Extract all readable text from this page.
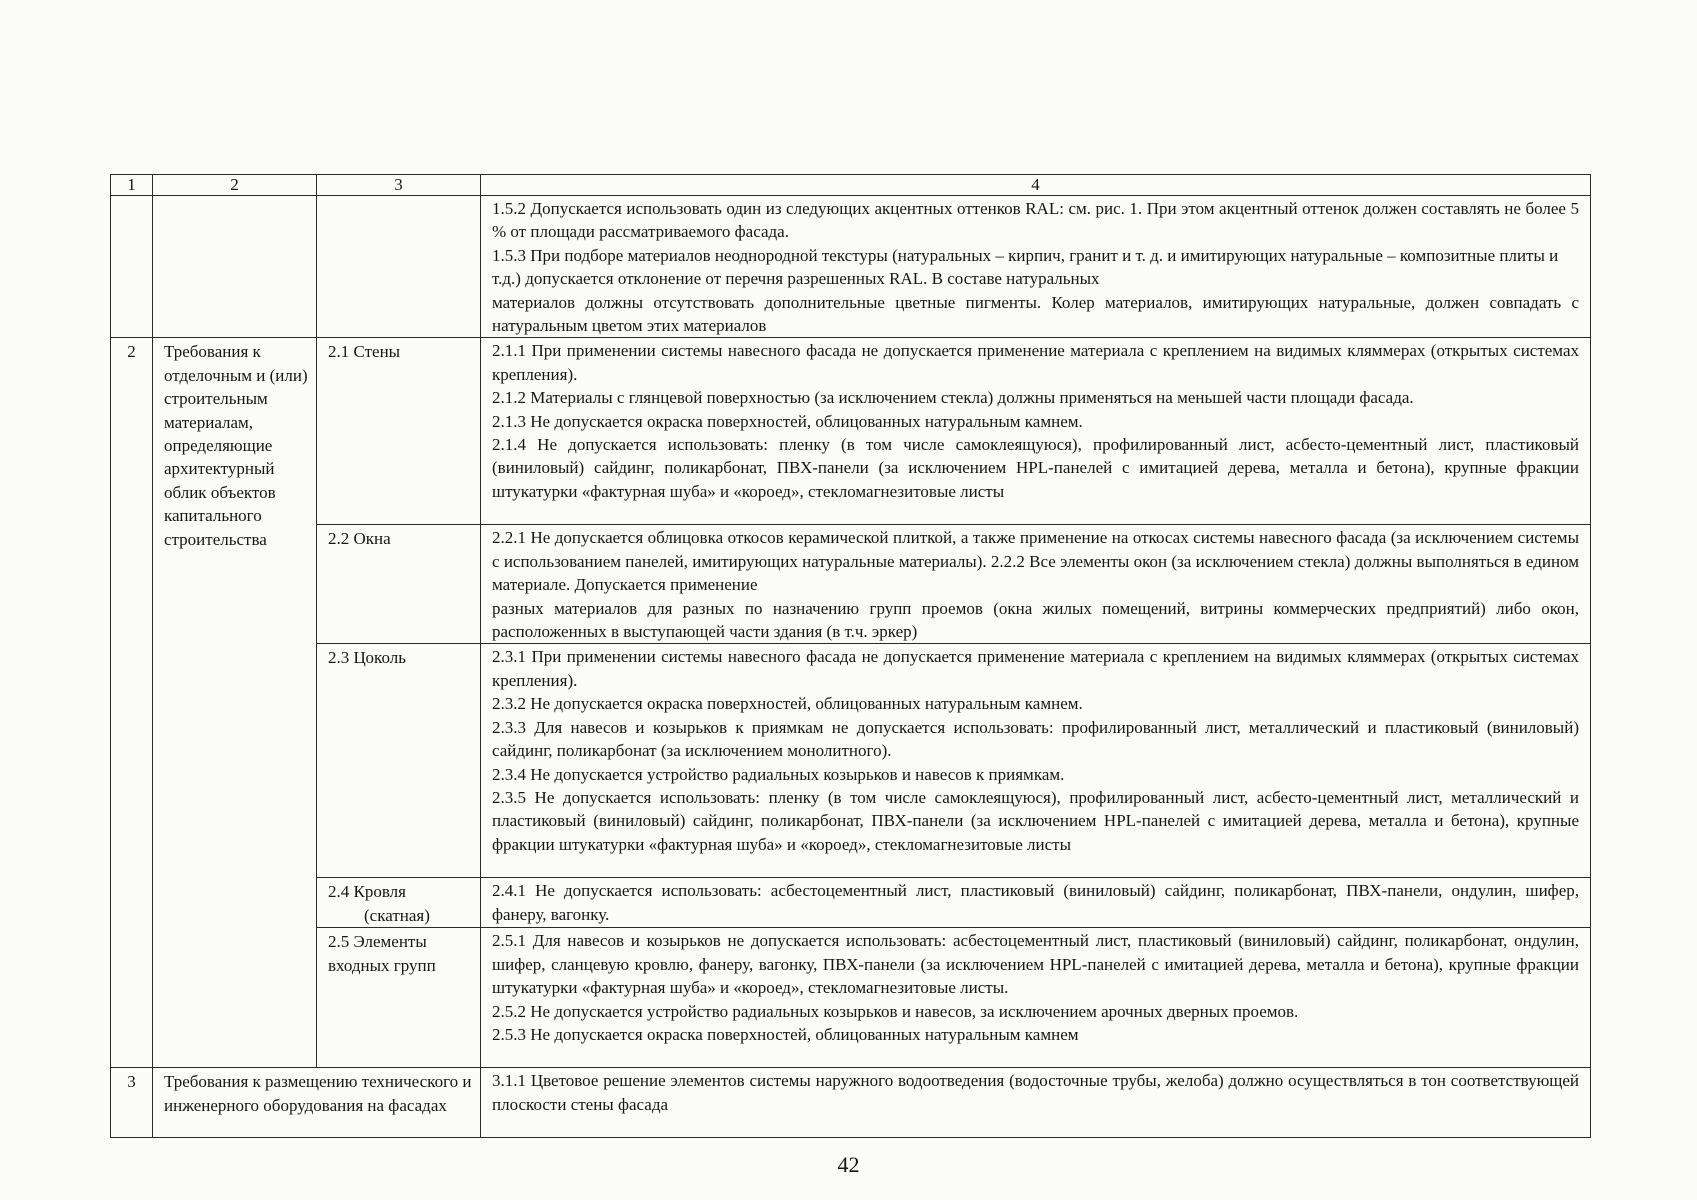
1	2	3	4

			1.5.2 Допускается использовать один из следующих акцентных оттенков RAL: см. рис. 1. При этом акцентный оттенок должен составлять не более 5 % от площади рассматриваемого фасада.
1.5.3 При подборе материалов неоднородной текстуры (натуральных – кирпич, гранит и т. д. и имитирующих натуральные – композитные плиты и т.д.) допускается отклонение от перечня разрешенных RAL. В составе натуральных
материалов должны отсутствовать дополнительные цветные пигменты. Колер материалов, имитирующих натуральные, должен совпадать с натуральным цветом этих материалов

2	Требования к отделочным и (или) строительным материалам, определяющие архитектурный облик объектов капитального строительства	2.1 Стены	2.1.1 При применении системы навесного фасада не допускается применение материала с креплением на видимых кляммерах (открытых системах крепления).
2.1.2 Материалы с глянцевой поверхностью (за исключением стекла) должны применяться на меньшей части площади фасада.
2.1.3 Не допускается окраска поверхностей, облицованных натуральным камнем.
2.1.4 Не допускается использовать: пленку (в том числе самоклеящуюся), профилированный лист, асбесто-цементный лист, пластиковый (виниловый) сайдинг, поликарбонат, ПВХ-панели (за исключением HPL-панелей с имитацией дерева, металла и бетона), крупные фракции штукатурки «фактурная шуба» и «короед», стекломагнезитовые листы

		2.2 Окна	2.2.1 Не допускается облицовка откосов керамической плиткой, а также применение на откосах системы навесного фасада (за исключением системы с использованием панелей, имитирующих натуральные материалы). 2.2.2 Все элементы окон (за исключением стекла) должны выполняться в едином материале. Допускается применение
разных материалов для разных по назначению групп проемов (окна жилых помещений, витрины коммерческих предприятий) либо окон, расположенных в выступающей части здания (в т.ч. эркер)

		2.3 Цоколь	2.3.1 При применении системы навесного фасада не допускается применение материала с креплением на видимых кляммерах (открытых системах крепления).
2.3.2 Не допускается окраска поверхностей, облицованных натуральным камнем.
2.3.3 Для навесов и козырьков к приямкам не допускается использовать: профилированный лист, металлический и пластиковый (виниловый) сайдинг, поликарбонат (за исключением монолитного).
2.3.4 Не допускается устройство радиальных козырьков и навесов к приямкам.
2.3.5 Не допускается использовать: пленку (в том числе самоклеящуюся), профилированный лист, асбесто-цементный лист, металлический и пластиковый (виниловый) сайдинг, поликарбонат, ПВХ-панели (за исключением HPL-панелей с имитацией дерева, металла и бетона), крупные фракции штукатурки «фактурная шуба» и «короед», стекломагнезитовые листы

		2.4 Кровля
(скатная)	2.4.1 Не допускается использовать: асбестоцементный лист, пластиковый (виниловый) сайдинг, поликарбонат, ПВХ-панели, ондулин, шифер, фанеру, вагонку.

		2.5 Элементы входных групп	2.5.1 Для навесов и козырьков не допускается использовать: асбестоцементный лист, пластиковый (виниловый) сайдинг, поликарбонат, ондулин, шифер, сланцевую кровлю, фанеру, вагонку, ПВХ-панели (за исключением HPL-панелей с имитацией дерева, металла и бетона), крупные фракции штукатурки «фактурная шуба» и «короед», стекломагнезитовые листы.
2.5.2 Не допускается устройство радиальных козырьков и навесов, за исключением арочных дверных проемов.
2.5.3 Не допускается окраска поверхностей, облицованных натуральным камнем

3	Требования к размещению технического и инженерного оборудования на фасадах		3.1.1 Цветовое решение элементов системы наружного водоотведения (водосточные трубы, желоба) должно осуществляться в тон соответствующей плоскости стены фасада
42
